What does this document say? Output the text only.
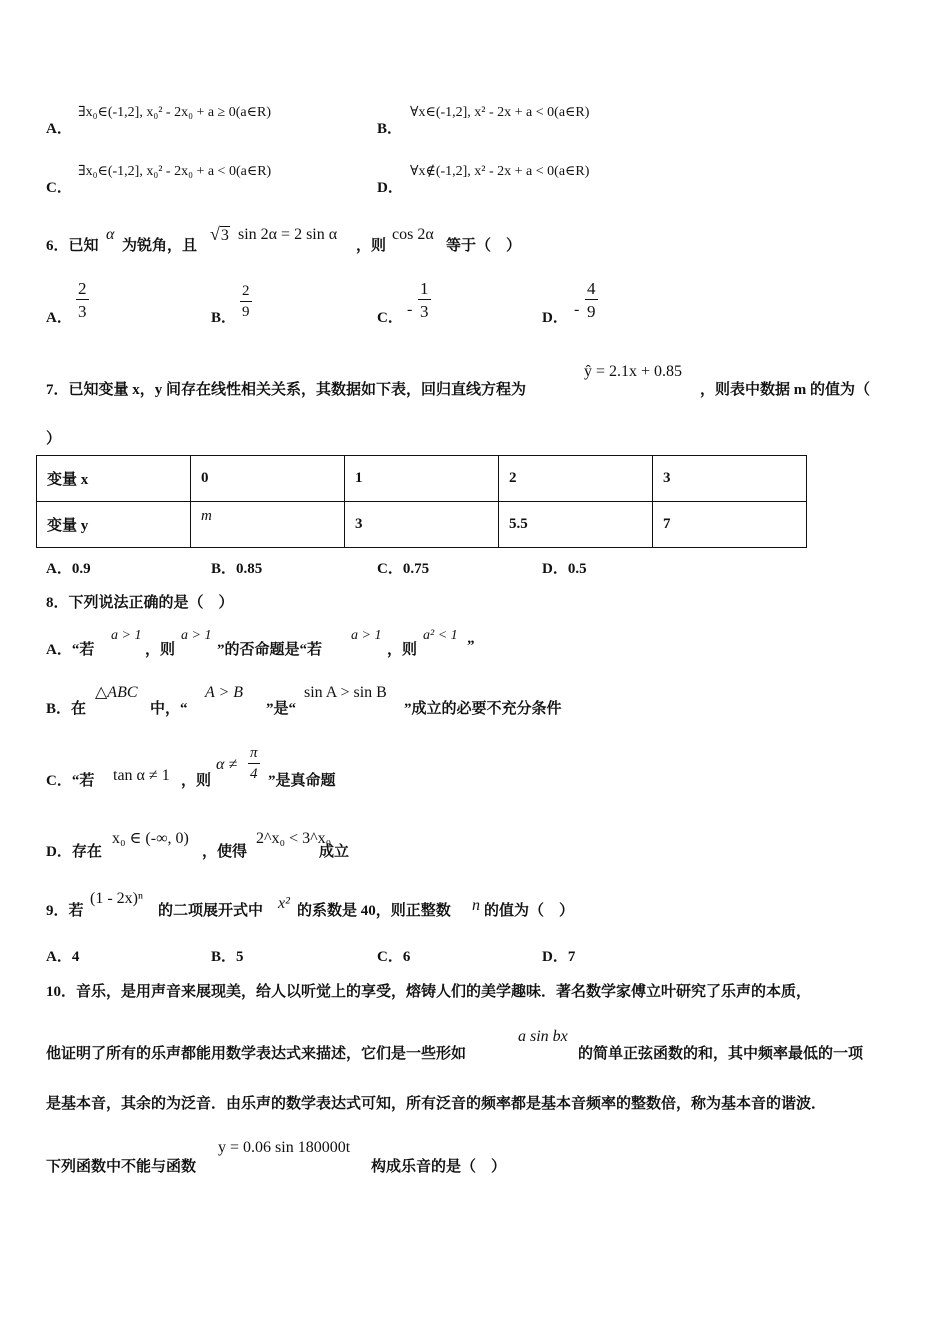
A．
∃x₀∈(-1,2], x₀² - 2x₀ + a ≥ 0(a∈R)
B．
∀x∈(-1,2], x² - 2x + a < 0(a∈R)
C．
∃x₀∈(-1,2], x₀² - 2x₀ + a < 0(a∈R)
D．
∀x∉(-1,2], x² - 2x + a < 0(a∈R)
6．已知
α
为锐角，且
√3 sin 2α = 2 sin α
，则
cos 2α
等于（　）
A． $\frac{2}{3}$	B． $\frac{2}{9}$	C． - $\frac{1}{3}$	D． - $\frac{4}{9}$
7．已知变量 x，y 间存在线性相关关系，其数据如下表，回归直线方程为
ŷ = 2.1x + 0.85
，则表中数据 m 的值为（
）
变量 x	0	1	2	3
变量 y	m	3	5.5	7
A．0.9	B．0.85	C．0.75	D．0.5
8．下列说法正确的是（　）
A．“若
a > 1
，则
a > 1
”的否命题是“若
a > 1
，则
a² < 1
”
B．在
△ABC
中，“
A > B
”是“
sin A > sin B
”成立的必要不充分条件
C．“若 tan α ≠ 1 ，则
$\alpha \ne \frac{\pi}{4}$ ”是真命题
D．存在
x₀ ∈ (-∞, 0)
，使得
2^x₀ < 3^x₀
成立
9．若
(1 - 2x)ⁿ
的二项展开式中 x² 的系数是 40，则正整数 n 的值为（　）
A．4	B．5	C．6	D．7
10．音乐，是用声音来展现美，给人以听觉上的享受，熔铸人们的美学趣味．著名数学家傅立叶研究了乐声的本质，
他证明了所有的乐声都能用数学表达式来描述，它们是一些形如
a sin bx
的简单正弦函数的和，其中频率最低的一项
是基本音，其余的为泛音．由乐声的数学表达式可知，所有泛音的频率都是基本音频率的整数倍，称为基本音的谐波．
下列函数中不能与函数
y = 0.06 sin 180000t
构成乐音的是（　）
